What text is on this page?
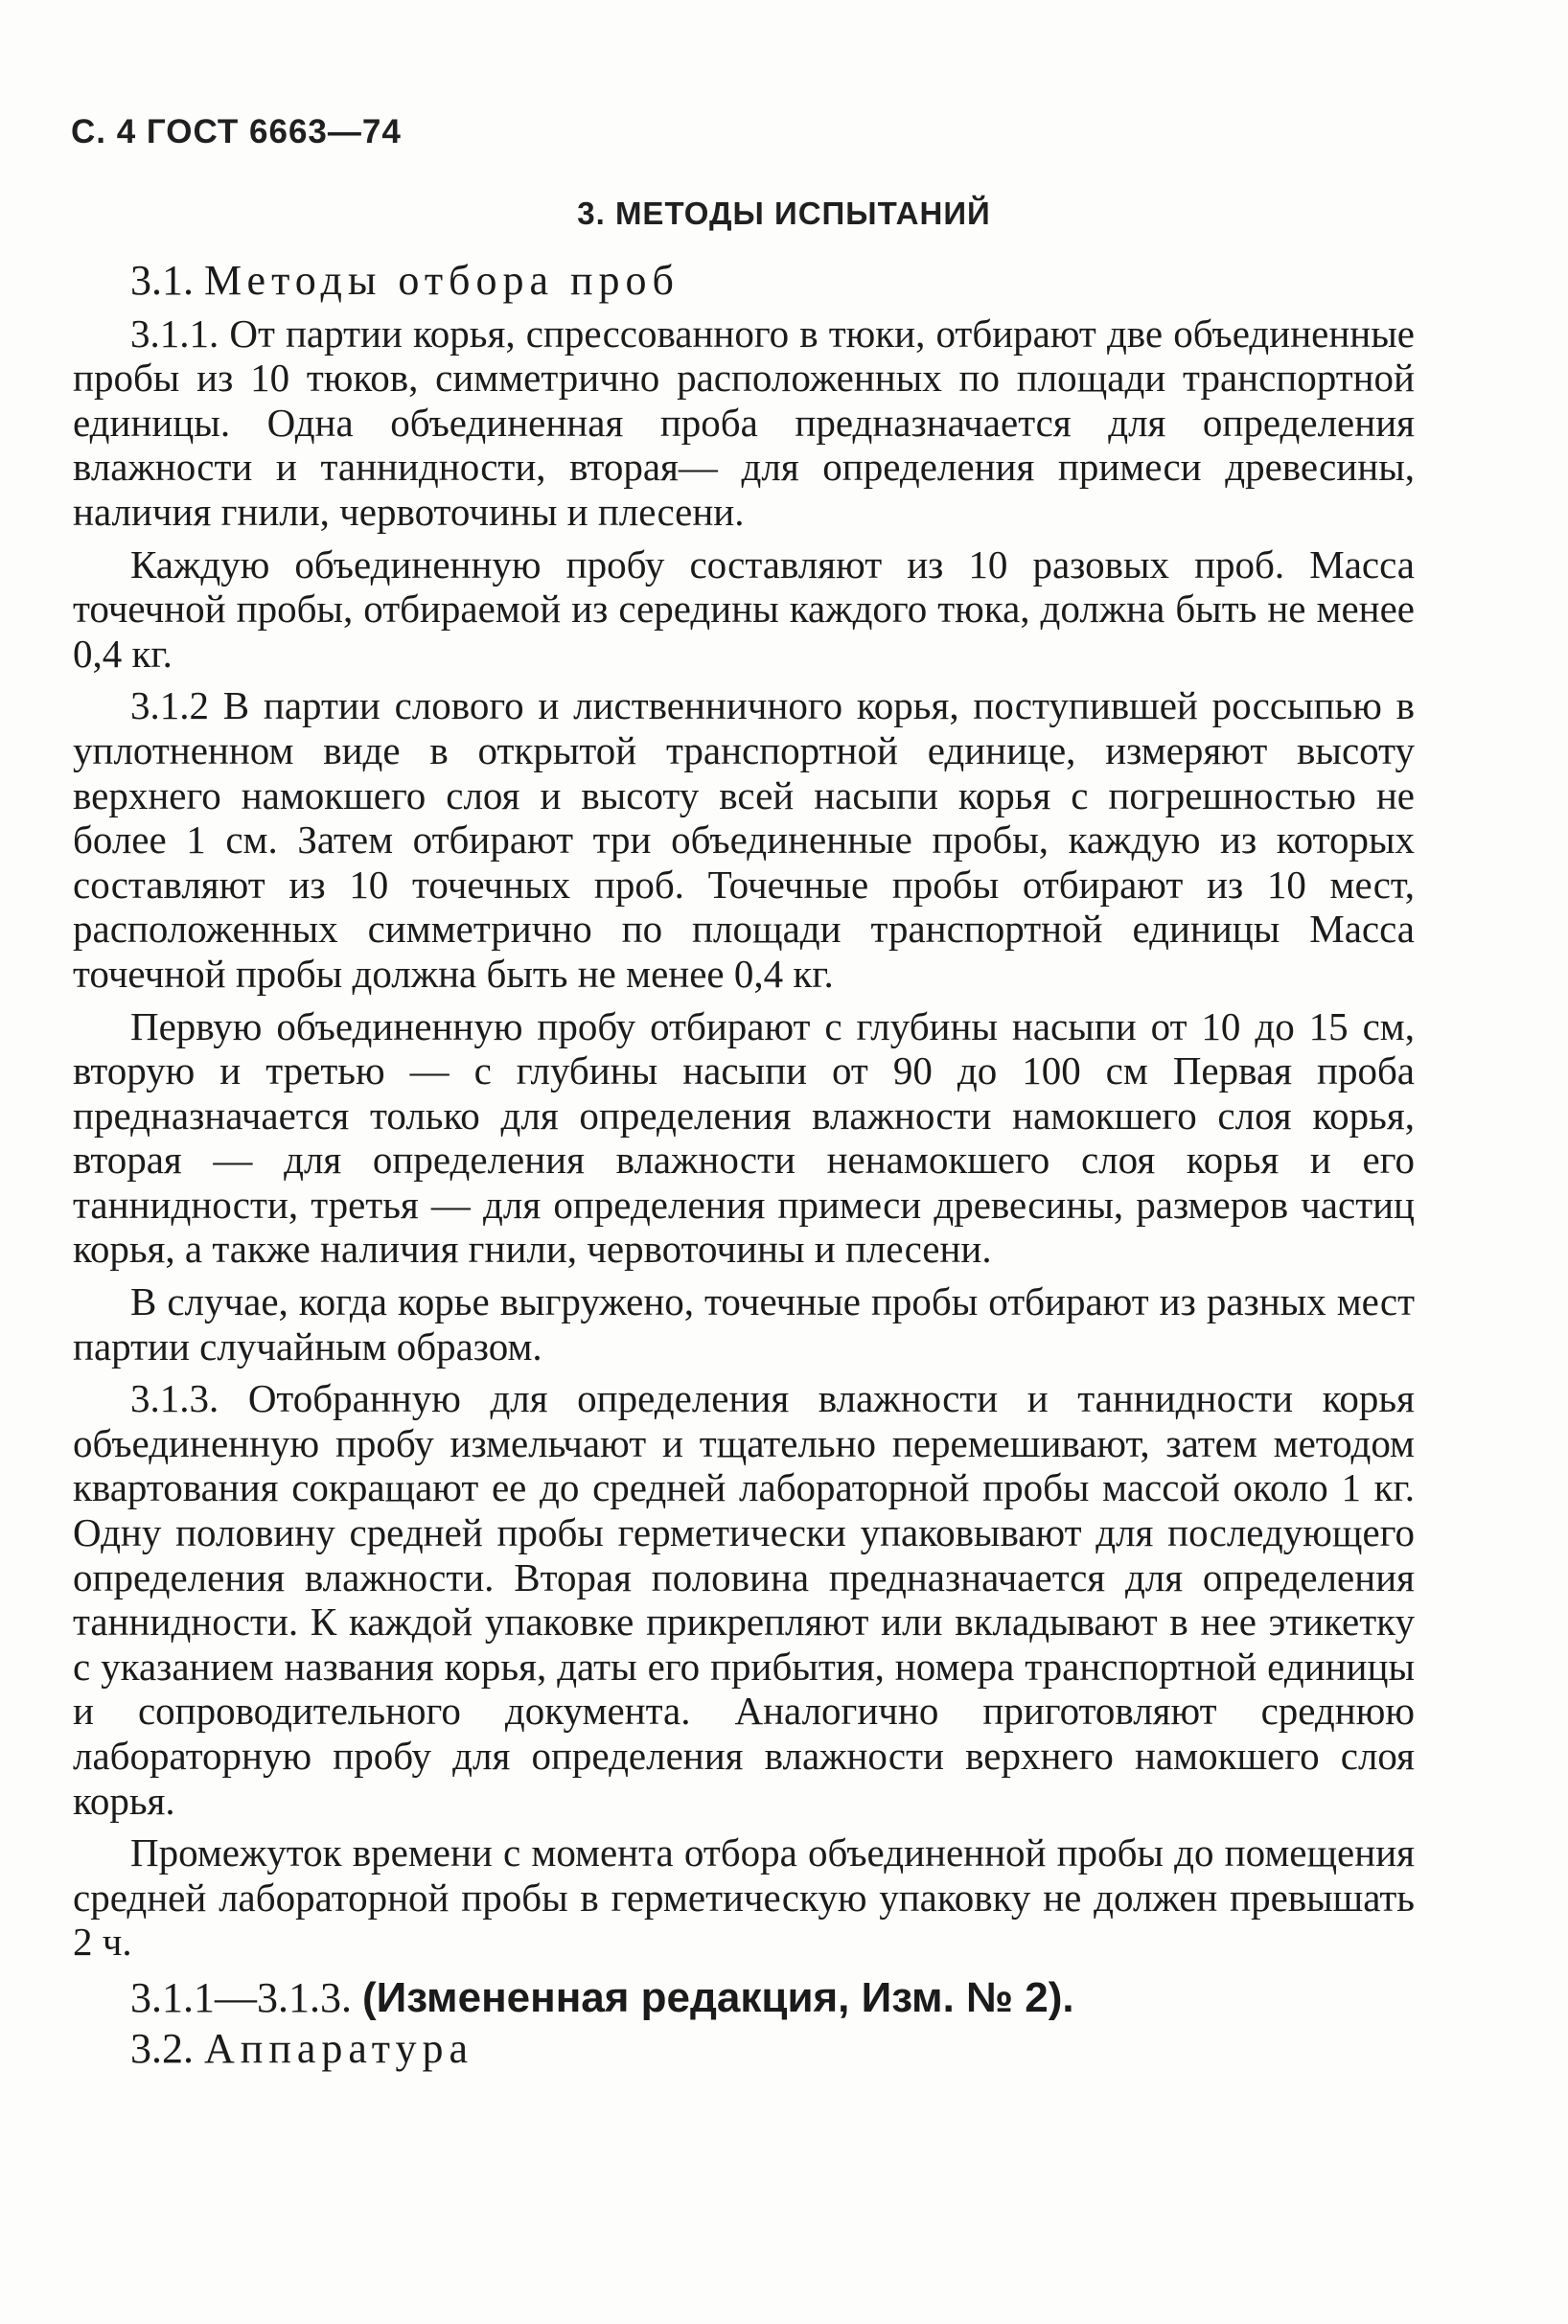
С. 4 ГОСТ 6663—74
3. МЕТОДЫ ИСПЫТАНИЙ

3.1. Методы отбора проб

3.1.1. От партии корья, спрессованного в тюки, отбирают две объединенные пробы из 10 тюков, симметрично расположенных по площади транспортной единицы. Одна объединенная проба предназначается для определения влажности и таннидности, вторая— для определения примеси древесины, наличия гнили, червоточины и плесени.

Каждую объединенную пробу составляют из 10 разовых проб. Масса точечной пробы, отбираемой из середины каждого тюка, должна быть не менее 0,4 кг.

3.1.2 В партии слового и лиственничного корья, поступившей россыпью в уплотненном виде в открытой транспортной единице, измеряют высоту верхнего намокшего слоя и высоту всей насыпи корья с погрешностью не более 1 см. Затем отбирают три объединенные пробы, каждую из которых составляют из 10 точечных проб. Точечные пробы отбирают из 10 мест, расположенных симметрично по площади транспортной единицы Масса точечной пробы должна быть не менее 0,4 кг.

Первую объединенную пробу отбирают с глубины насыпи от 10 до 15 см, вторую и третью — с глубины насыпи от 90 до 100 см Первая проба предназначается только для определения влажности намокшего слоя корья, вторая — для определения влажности ненамокшего слоя корья и его таннидности, третья — для определения примеси древесины, размеров частиц корья, а также наличия гнили, червоточины и плесени.

В случае, когда корье выгружено, точечные пробы отбирают из разных мест партии случайным образом.

3.1.3. Отобранную для определения влажности и таннидности корья объединенную пробу измельчают и тщательно перемешивают, затем методом квартования сокращают ее до средней лабораторной пробы массой около 1 кг. Одну половину средней пробы герметически упаковывают для последующего определения влажности. Вторая половина предназначается для определения таннидности. К каждой упаковке прикрепляют или вкладывают в нее этикетку с указанием названия корья, даты его прибытия, номера транспортной единицы и сопроводительного документа. Аналогично приготовляют среднюю лабораторную пробу для определения влажности верхнего намокшего слоя корья.

Промежуток времени с момента отбора объединенной пробы до помещения средней лабораторной пробы в герметическую упаковку не должен превышать 2 ч.

3.1.1—3.1.3. (Измененная редакция, Изм. № 2).

3.2. Аппаратура
